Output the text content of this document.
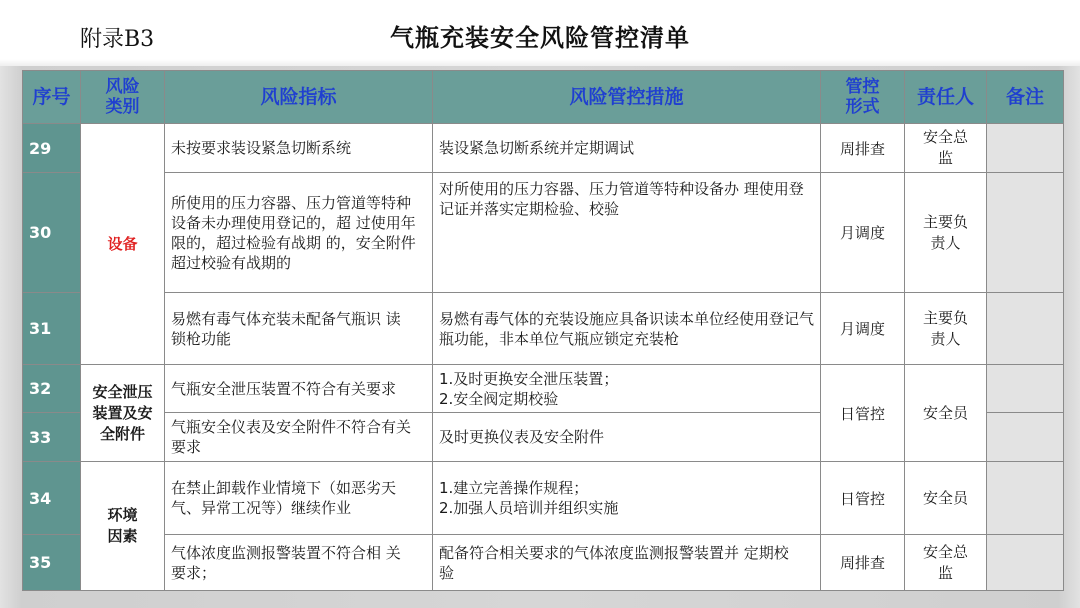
附录B3	气瓶充装安全风险管控清单
序号	风险类别	风险指标	风险管控措施	管控形式	责任人	备注
29	设备	未按要求装设紧急切断系统	装设紧急切断系统并定期调试	周排查	安全总监	
30		所使用的压力容器、压力管道等特种设备未办理使用登记的，超 过使用年限的，超过检验有战期 的，安全附件超过校验有战期的	对所使用的压力容器、压力管道等特种设备办 理使用登记证并落实定期检验、校验	月调度	主要负责人	
31		易燃有毒气体充装未配备气瓶识 读锁枪功能	易燃有毒气体的充装设施应具备识读本单位经使用登记气瓶功能，非本单位气瓶应锁定充装枪	月调度	主要负责人	
32	安全泄压装置及安全附件	气瓶安全泄压装置不符合有关要求	1.及时更换安全泄压装置；
2.安全阀定期校验	日管控	安全员	
33		气瓶安全仪表及安全附件不符合有关要求	及时更换仪表及安全附件			
34	环境因素	在禁止卸载作业情境下（如恶劣天气、异常工况等）继续作业	1.建立完善操作规程；
2.加强人员培训并组织实施	日管控	安全员	
35		气体浓度监测报警装置不符合相 关要求；	配备符合相关要求的气体浓度监测报警装置并 定期校验	周排查	安全总监	
